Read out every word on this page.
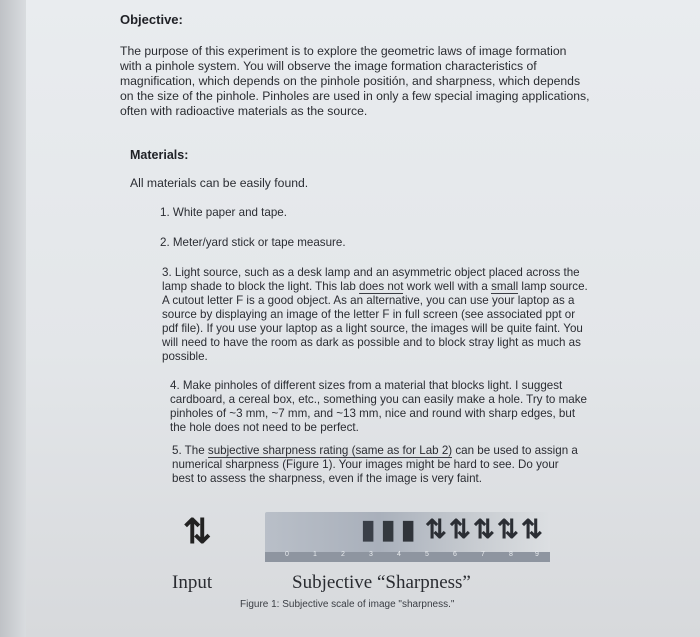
Objective:
The purpose of this experiment is to explore the geometric laws of image formation with a pinhole system. You will observe the image formation characteristics of magnification, which depends on the pinhole positión, and sharpness, which depends on the size of the pinhole. Pinholes are used in only a few special imaging applications, often with radioactive materials as the source.
Materials:
All materials can be easily found.
1. White paper and tape.
2. Meter/yard stick or tape measure.
3. Light source, such as a desk lamp and an asymmetric object placed across the lamp shade to block the light. This lab does not work well with a small lamp source. A cutout letter F is a good object. As an alternative, you can use your laptop as a source by displaying an image of the letter F in full screen (see associated ppt or pdf file). If you use your laptop as a light source, the images will be quite faint. You will need to have the room as dark as possible and to block stray light as much as possible.
4. Make pinholes of different sizes from a material that blocks light. I suggest cardboard, a cereal box, etc., something you can easily make a hole. Try to make pinholes of ~3 mm, ~7 mm, and ~13 mm, nice and round with sharp edges, but the hole does not need to be perfect.
5. The subjective sharpness rating (same as for Lab 2) can be used to assign a numerical sharpness (Figure 1). Your images might be hard to see. Do your best to assess the sharpness, even if the image is very faint.
⇅	▮ ▮ ▮ ⇅ ⇅ ⇅ ⇅ ⇅
0	1	2	3	4	5	6	7	8	9
Input	Subjective “Sharpness”
Figure 1: Subjective scale of image "sharpness."
